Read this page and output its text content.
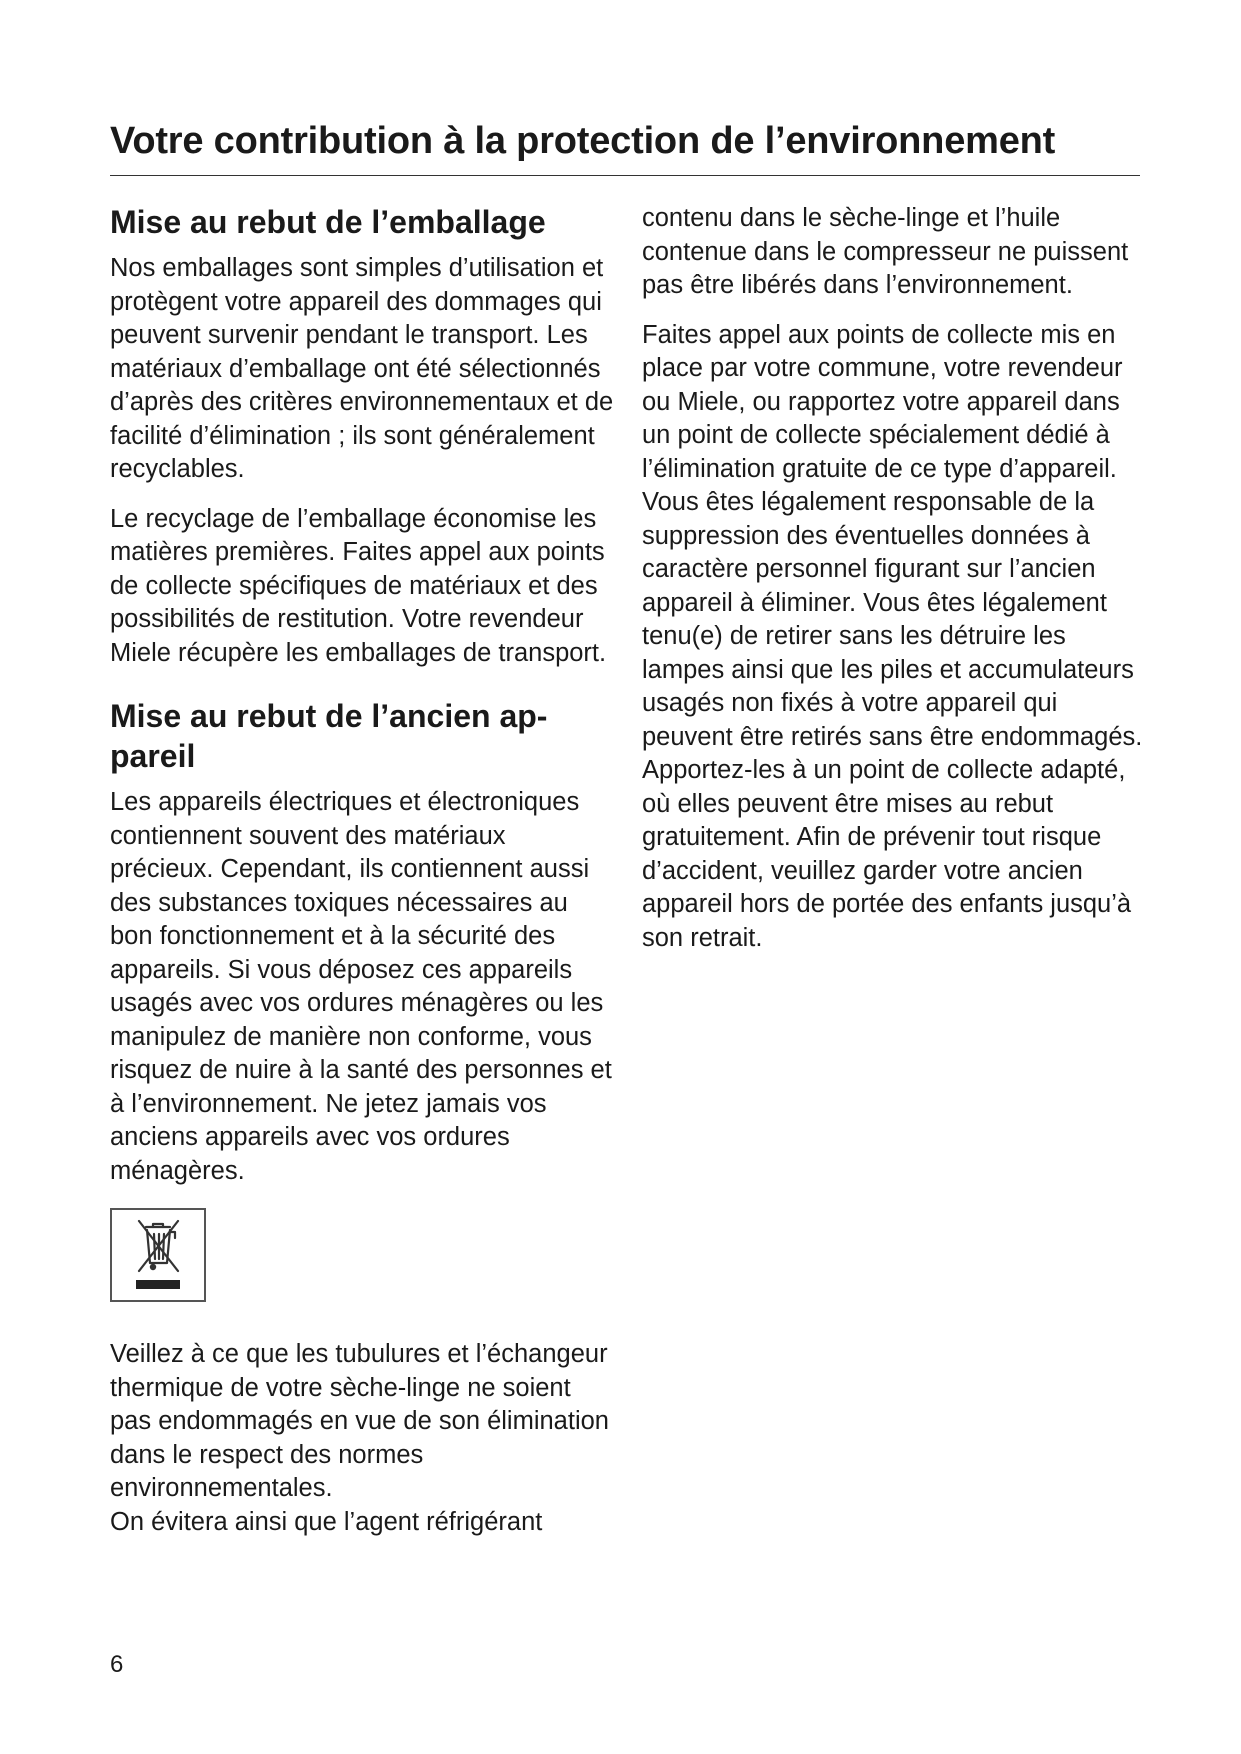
Votre contribution à la protection de l’environnement
Mise au rebut de l’emballage

Nos emballages sont simples d’utilisation et protègent votre appareil des dommages qui peuvent survenir pendant le transport. Les matériaux d’emballage ont été sélectionnés d’après des critères environnementaux et de facilité d’élimination ; ils sont généralement recyclables.

Le recyclage de l’emballage économise les matières premières. Faites appel aux points de collecte spécifiques de matériaux et des possibilités de restitution. Votre revendeur Miele récupère les emballages de transport.

Mise au rebut de l’ancien appareil

Les appareils électriques et électroniques contiennent souvent des matériaux précieux. Cependant, ils contiennent aussi des substances toxiques nécessaires au bon fonctionnement et à la sécurité des appareils. Si vous déposez ces appareils usagés avec vos ordures ménagères ou les manipulez de manière non conforme, vous risquez de nuire à la santé des personnes et à l’environnement. Ne jetez jamais vos anciens appareils avec vos ordures ménagères.

Veillez à ce que les tubulures et l’échangeur thermique de votre sèche-linge ne soient pas endommagés en vue de son élimination dans le respect des normes environnementales.

On évitera ainsi que l’agent réfrigérant

contenu dans le sèche-linge et l’huile contenue dans le compresseur ne puissent pas être libérés dans l’environnement.

Faites appel aux points de collecte mis en place par votre commune, votre revendeur ou Miele, ou rapportez votre appareil dans un point de collecte spécialement dédié à l’élimination gratuite de ce type d’appareil. Vous êtes légalement responsable de la suppression des éventuelles données à caractère personnel figurant sur l’ancien appareil à éliminer. Vous êtes légalement tenu(e) de retirer sans les détruire les lampes ainsi que les piles et accumulateurs usagés non fixés à votre appareil qui peuvent être retirés sans être endommagés. Apportez-les à un point de collecte adapté, où elles peuvent être mises au rebut gratuitement. Afin de prévenir tout risque d’accident, veuillez garder votre ancien appareil hors de portée des enfants jusqu’à son retrait.

6
